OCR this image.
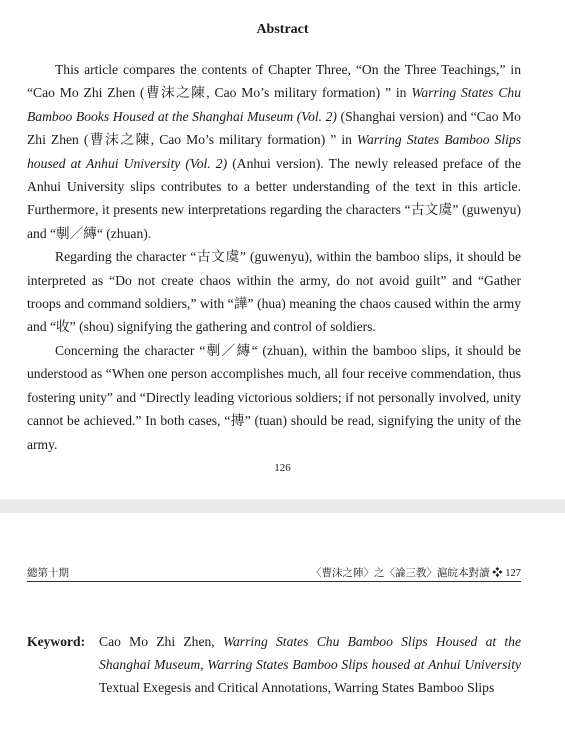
Abstract

This article compares the contents of Chapter Three, “On the Three Teachings,” in “Cao Mo Zhi Zhen (曹沫之陳, Cao Mo’s military formation) ” in Warring States Chu Bamboo Books Housed at the Shanghai Museum (Vol. 2) (Shanghai version) and “Cao Mo Zhi Zhen (曹沫之陳, Cao Mo’s military formation) ” in Warring States Bamboo Slips housed at Anhui University (Vol. 2) (Anhui version). The newly released preface of the Anhui University slips contributes to a better understanding of the text in this article. Furthermore, it presents new interpretations regarding the characters “古文虞” (guwenyu) and “剸／縳“ (zhuan).

Regarding the character “古文虞” (guwenyu), within the bamboo slips, it should be interpreted as “Do not create chaos within the army, do not avoid guilt” and “Gather troops and command soldiers,” with “譁” (hua) meaning the chaos caused within the army and “收” (shou) signifying the gathering and control of soldiers.

Concerning the character “剸／縳“ (zhuan), within the bamboo slips, it should be understood as “When one person accomplishes much, all four receive commendation, thus fostering unity” and “Directly leading victorious soldiers; if not personally involved, unity cannot be achieved.” In both cases, “摶” (tuan) should be read, signifying the unity of the army.

126
總第十期	〈曹沫之陣〉之〈論三教〉滬皖本對讀 ❖ 127
Keyword: Cao Mo Zhi Zhen, Warring States Chu Bamboo Slips Housed at the Shanghai Museum, Warring States Bamboo Slips housed at Anhui University Textual Exegesis and Critical Annotations, Warring States Bamboo Slips
